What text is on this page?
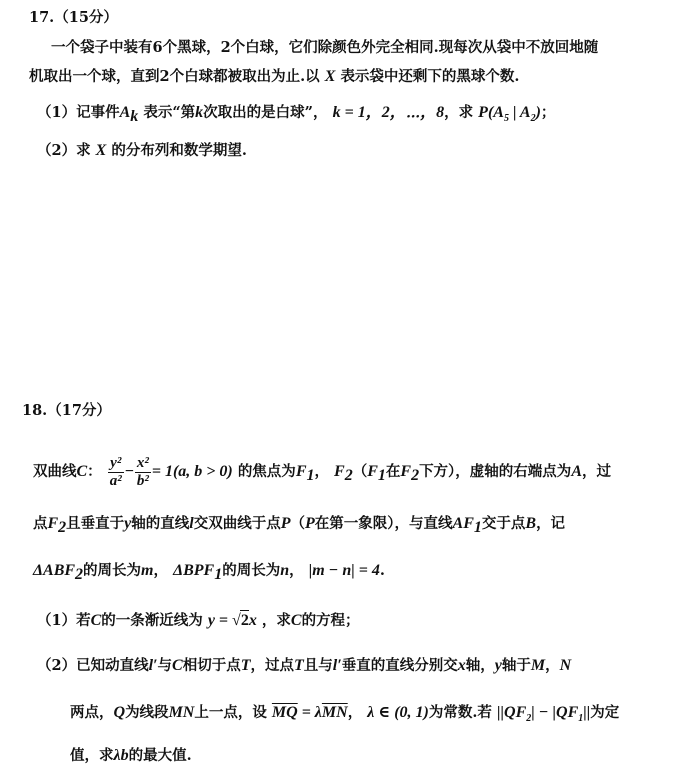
17.（15分）
一个袋子中装有6个黑球，2个白球，它们除颜色外完全相同.现每次从袋中不放回地随
机取出一个球，直到2个白球都被取出为止.以 X 表示袋中还剩下的黑球个数.
（1）记事件$A_k$ 表示“第k次取出的是白球”， k = 1，2，⋯，8，求 $P(A_5$ | $A_2$)；
（2）求 X 的分布列和数学期望.
18.（17分）
双曲线C： $\frac{\text{y²}}{\text{a²}} - \frac{\text{x²}}{\text{b²}} = 1(a$, b > 0) 的焦点为$F_1$， $F_2(F_1$在$F_2$下方），虚轴的右端点为A，过
点$F_2$且垂直于y轴的直线l交双曲线于点P（P在第一象限），与直线$AF_1$交于点B，记
$\Delta ABF_2$的周长为m， $\Delta BPF_1$的周长为n， |m − n| = 4.
（1）若C的一条渐近线为 y = √2x ，求C的方程；
（2）已知动直线l′与C相切于点T，过点T且与l′垂直的直线分别交x轴，y轴于M，N
两点，Q为线段MN上一点，设 $\overline{MQ} = \lambda\overline{MN}$， λ ∈ (0, 1)为常数.若 $||QF_2| - |QF_1||$为定
值，求λb的最大值.
